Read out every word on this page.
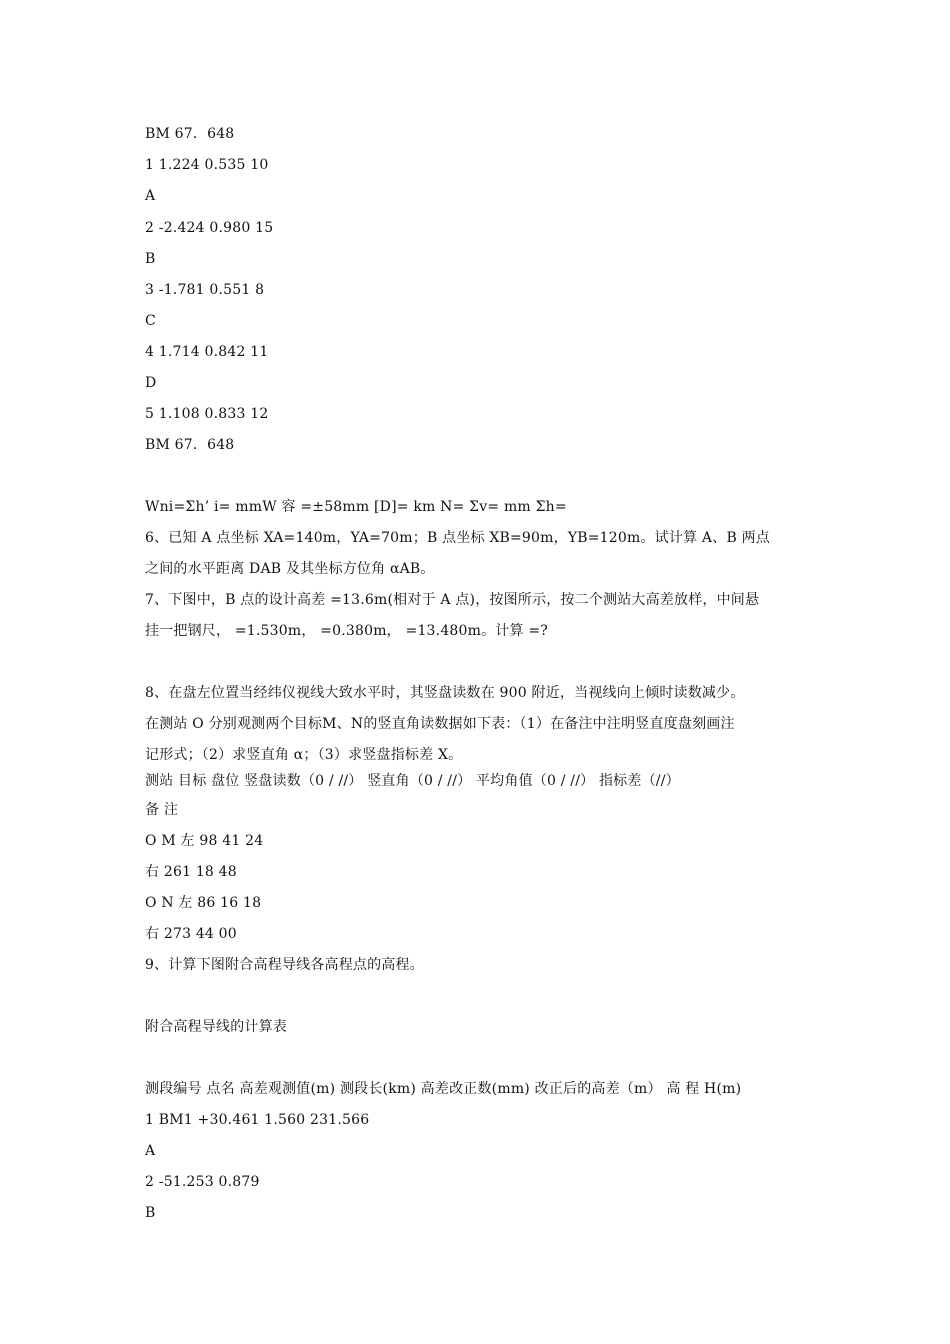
BM 67．648
1 1.224 0.535 10
A
2 -2.424 0.980 15
B
3 -1.781 0.551 8
C
4 1.714 0.842 11
D
5 1.108 0.833 12
BM 67．648
Wni=Σh’ i= mmW 容 =±58mm [D]= km N= Σv= mm Σh=
6、已知 A 点坐标 XA=140m，YA=70m；B 点坐标 XB=90m，YB=120m。试计算 A、B 两点
之间的水平距离 DAB 及其坐标方位角 αAB。
7、下图中，B 点的设计高差 =13.6m(相对于 A 点)，按图所示，按二个测站大高差放样，中间悬
挂一把钢尺， =1.530m， =0.380m， =13.480m。计算 =?
8、在盘左位置当经纬仪视线大致水平时，其竖盘读数在 900 附近，当视线向上倾时读数减少。
在测站 O 分别观测两个目标M、N的竖直角读数据如下表：（1）在备注中注明竖直度盘刻画注
记形式；（2）求竖直角 α；（3）求竖盘指标差 X。
测站 目标 盘位 竖盘读数（0 / //） 竖直角（0 / //） 平均角值（0 / //） 指标差（//）
备 注
O M 左 98 41 24
右 261 18 48
O N 左 86 16 18
右 273 44 00
9、计算下图附合高程导线各高程点的高程。
附合高程导线的计算表
测段编号 点名 高差观测值(m) 测段长(km) 高差改正数(mm) 改正后的高差（m） 高 程 H(m)
1 BM1 +30.461 1.560 231.566
A
2 -51.253 0.879
B
